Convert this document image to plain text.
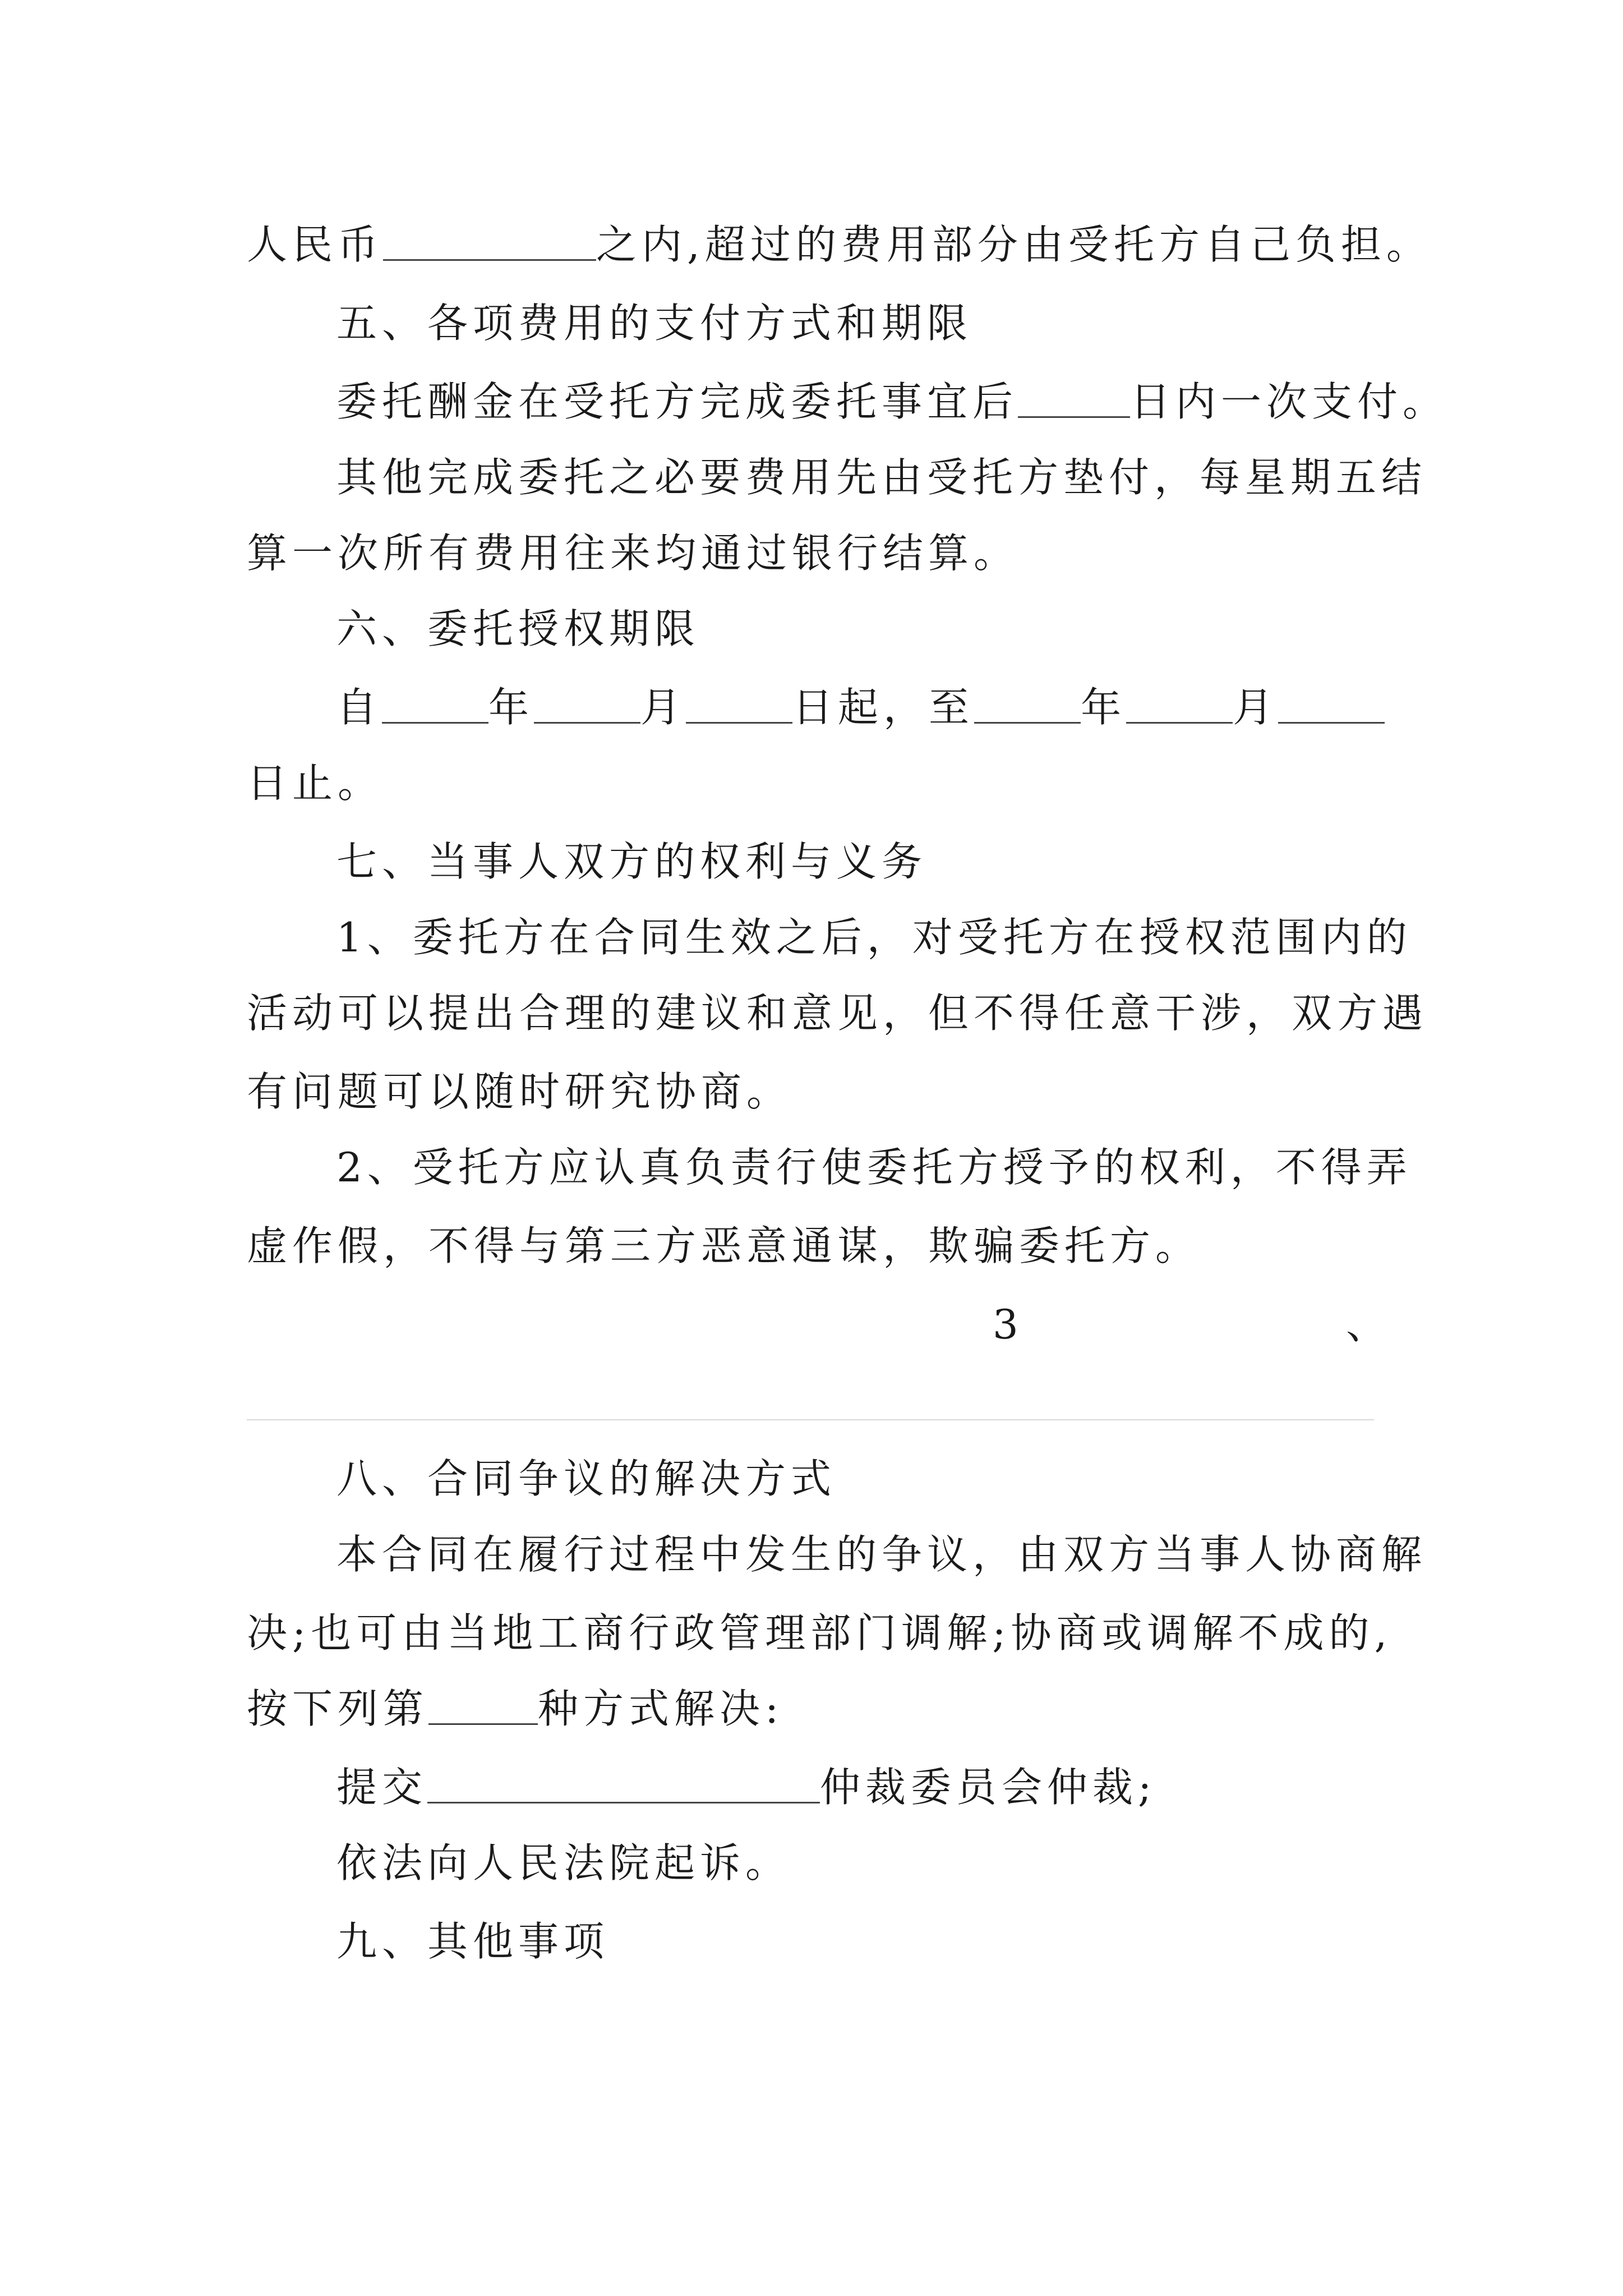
人民币	之内,超过的费用部分由受托方自己负担。
五、各项费用的支付方式和期限
委托酬金在受托方完成委托事宜后	日内一次支付。
其他完成委托之必要费用先由受托方垫付，每星期五结
算一次所有费用往来均通过银行结算。
六、委托授权期限
自	年	月	日起，至	年	月
日止。
七、当事人双方的权利与义务
1、委托方在合同生效之后，对受托方在授权范围内的
活动可以提出合理的建议和意见，但不得任意干涉，双方遇
有问题可以随时研究协商。
2、受托方应认真负责行使委托方授予的权利，不得弄
虚作假，不得与第三方恶意通谋，欺骗委托方。
3	、
八、合同争议的解决方式
本合同在履行过程中发生的争议，由双方当事人协商解
决;也可由当地工商行政管理部门调解;协商或调解不成的,
按下列第	种方式解决:
提交	仲裁委员会仲裁;
依法向人民法院起诉。
九、其他事项
